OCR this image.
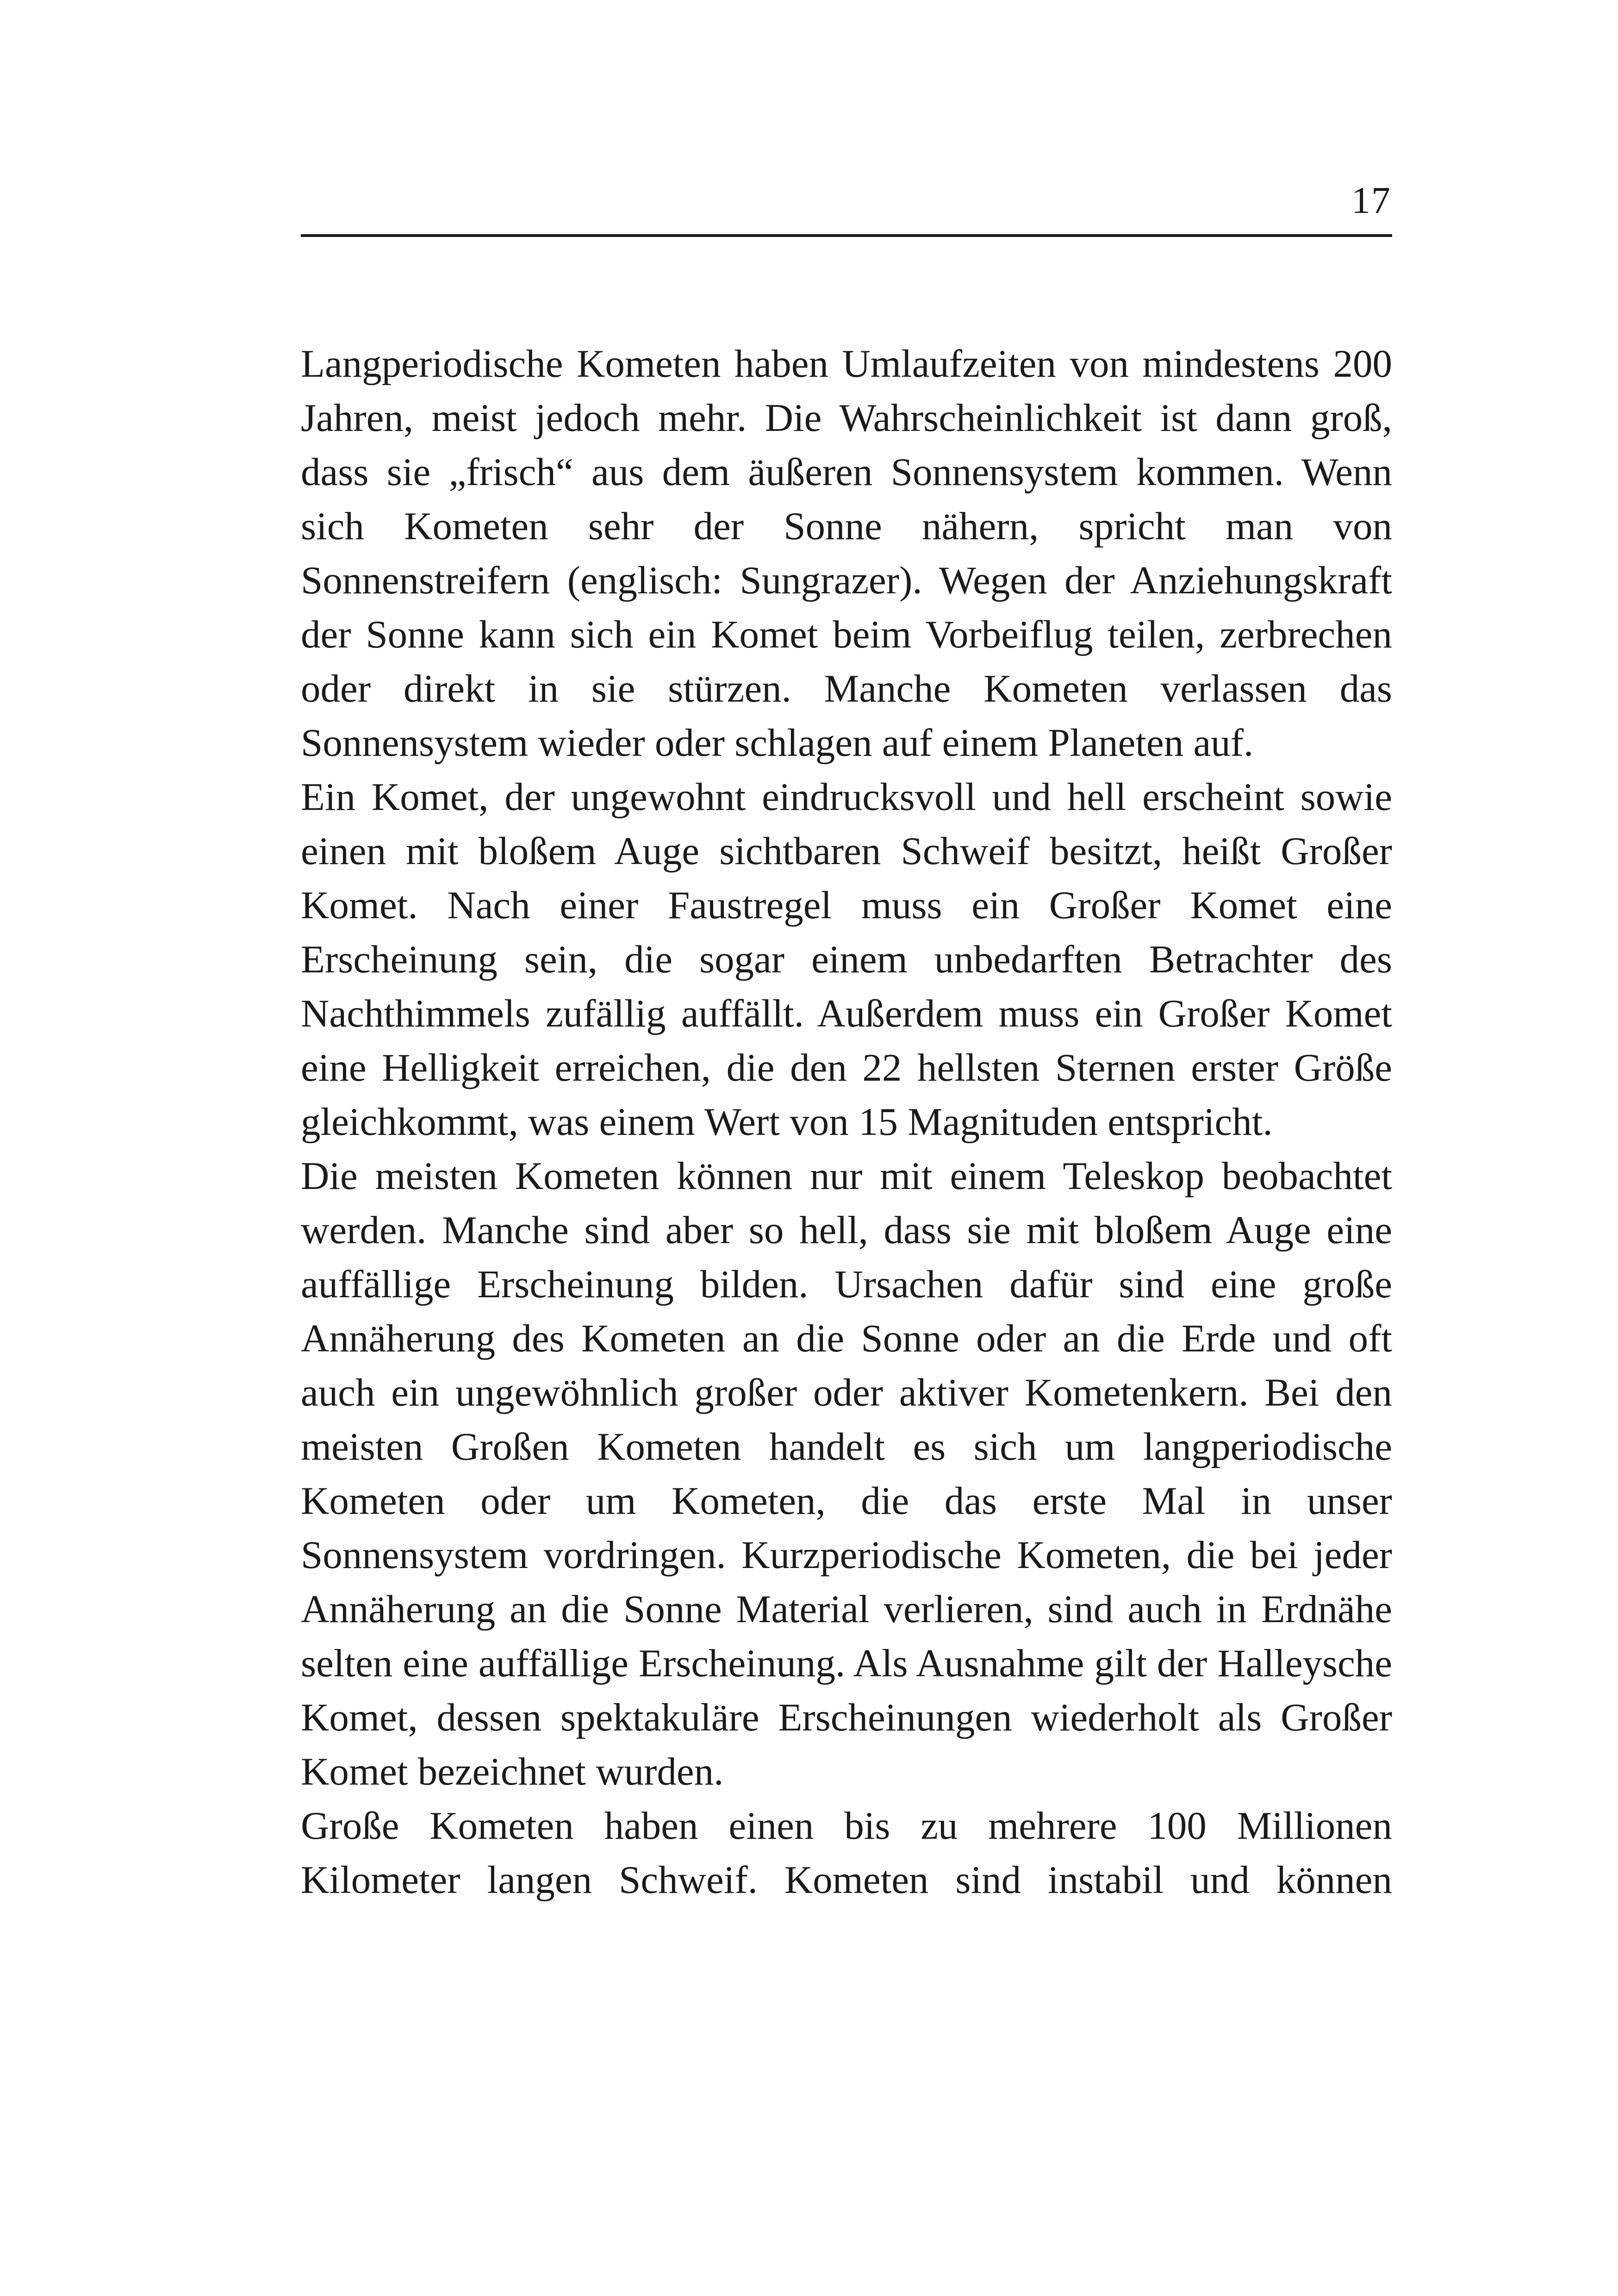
17

Langperiodische Kometen haben Umlaufzeiten von mindestens 200 Jahren, meist jedoch mehr. Die Wahrscheinlichkeit ist dann groß, dass sie „frisch“ aus dem äußeren Sonnensystem kommen. Wenn sich Kometen sehr der Sonne nähern, spricht man von Sonnenstreifern (englisch: Sungrazer). Wegen der Anziehungskraft der Sonne kann sich ein Komet beim Vorbeiflug teilen, zerbrechen oder direkt in sie stürzen. Manche Kometen verlassen das Sonnensystem wieder oder schlagen auf einem Planeten auf.

Ein Komet, der ungewohnt eindrucksvoll und hell erscheint sowie einen mit bloßem Auge sichtbaren Schweif besitzt, heißt Großer Komet. Nach einer Faustregel muss ein Großer Komet eine Erscheinung sein, die sogar einem unbedarften Betrachter des Nachthimmels zufällig auffällt. Außerdem muss ein Großer Komet eine Helligkeit erreichen, die den 22 hellsten Sternen erster Größe gleichkommt, was einem Wert von 15 Magnituden entspricht.

Die meisten Kometen können nur mit einem Teleskop beobachtet werden. Manche sind aber so hell, dass sie mit bloßem Auge eine auffällige Erscheinung bilden. Ursachen dafür sind eine große Annäherung des Kometen an die Sonne oder an die Erde und oft auch ein ungewöhnlich großer oder aktiver Kometenkern. Bei den meisten Großen Kometen handelt es sich um langperiodische Kometen oder um Kometen, die das erste Mal in unser Sonnensystem vordringen. Kurzperiodische Kometen, die bei jeder Annäherung an die Sonne Material verlieren, sind auch in Erdnähe selten eine auffällige Erscheinung. Als Ausnahme gilt der Halleysche Komet, dessen spektakuläre Erscheinungen wiederholt als Großer Komet bezeichnet wurden.

Große Kometen haben einen bis zu mehrere 100 Millionen Kilometer langen Schweif. Kometen sind instabil und können
